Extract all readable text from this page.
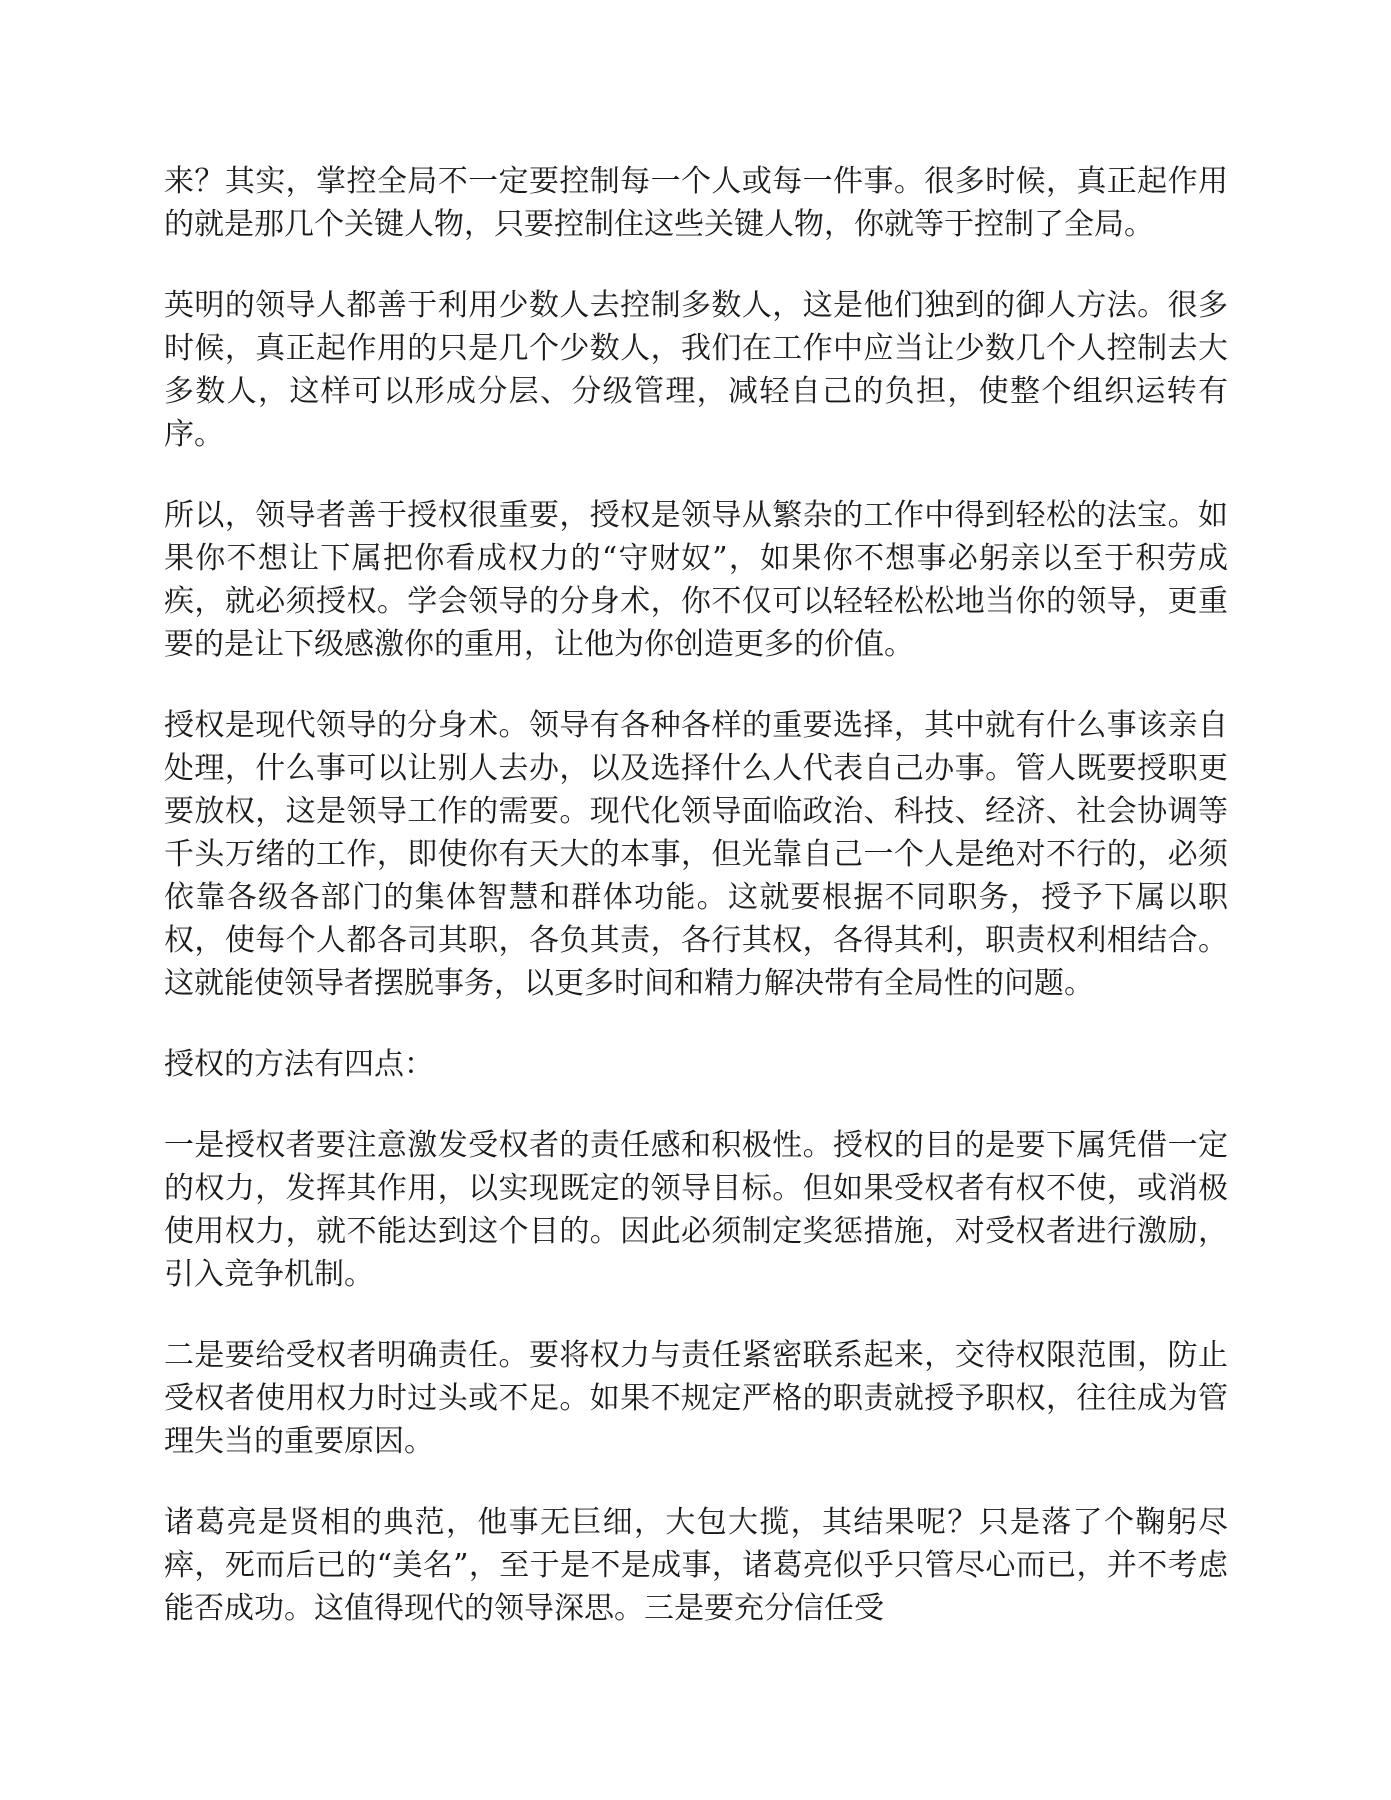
来？其实，掌控全局不一定要控制每一个人或每一件事。很多时候，真正起作用的就是那几个关键人物，只要控制住这些关键人物，你就等于控制了全局。

英明的领导人都善于利用少数人去控制多数人，这是他们独到的御人方法。很多时候，真正起作用的只是几个少数人，我们在工作中应当让少数几个人控制去大多数人，这样可以形成分层、分级管理，减轻自己的负担，使整个组织运转有序。

所以，领导者善于授权很重要，授权是领导从繁杂的工作中得到轻松的法宝。如果你不想让下属把你看成权力的“守财奴”，如果你不想事必躬亲以至于积劳成疾，就必须授权。学会领导的分身术，你不仅可以轻轻松松地当你的领导，更重要的是让下级感激你的重用，让他为你创造更多的价值。

授权是现代领导的分身术。领导有各种各样的重要选择，其中就有什么事该亲自处理，什么事可以让别人去办，以及选择什么人代表自己办事。管人既要授职更要放权，这是领导工作的需要。现代化领导面临政治、科技、经济、社会协调等千头万绪的工作，即使你有天大的本事，但光靠自己一个人是绝对不行的，必须依靠各级各部门的集体智慧和群体功能。这就要根据不同职务，授予下属以职权，使每个人都各司其职，各负其责，各行其权，各得其利，职责权利相结合。这就能使领导者摆脱事务，以更多时间和精力解决带有全局性的问题。

授权的方法有四点：

一是授权者要注意激发受权者的责任感和积极性。授权的目的是要下属凭借一定的权力，发挥其作用，以实现既定的领导目标。但如果受权者有权不使，或消极使用权力，就不能达到这个目的。因此必须制定奖惩措施，对受权者进行激励，引入竞争机制。

二是要给受权者明确责任。要将权力与责任紧密联系起来，交待权限范围，防止受权者使用权力时过头或不足。如果不规定严格的职责就授予职权，往往成为管理失当的重要原因。

诸葛亮是贤相的典范，他事无巨细，大包大揽，其结果呢？只是落了个鞠躬尽瘁，死而后已的“美名”，至于是不是成事，诸葛亮似乎只管尽心而已，并不考虑能否成功。这值得现代的领导深思。三是要充分信任受
